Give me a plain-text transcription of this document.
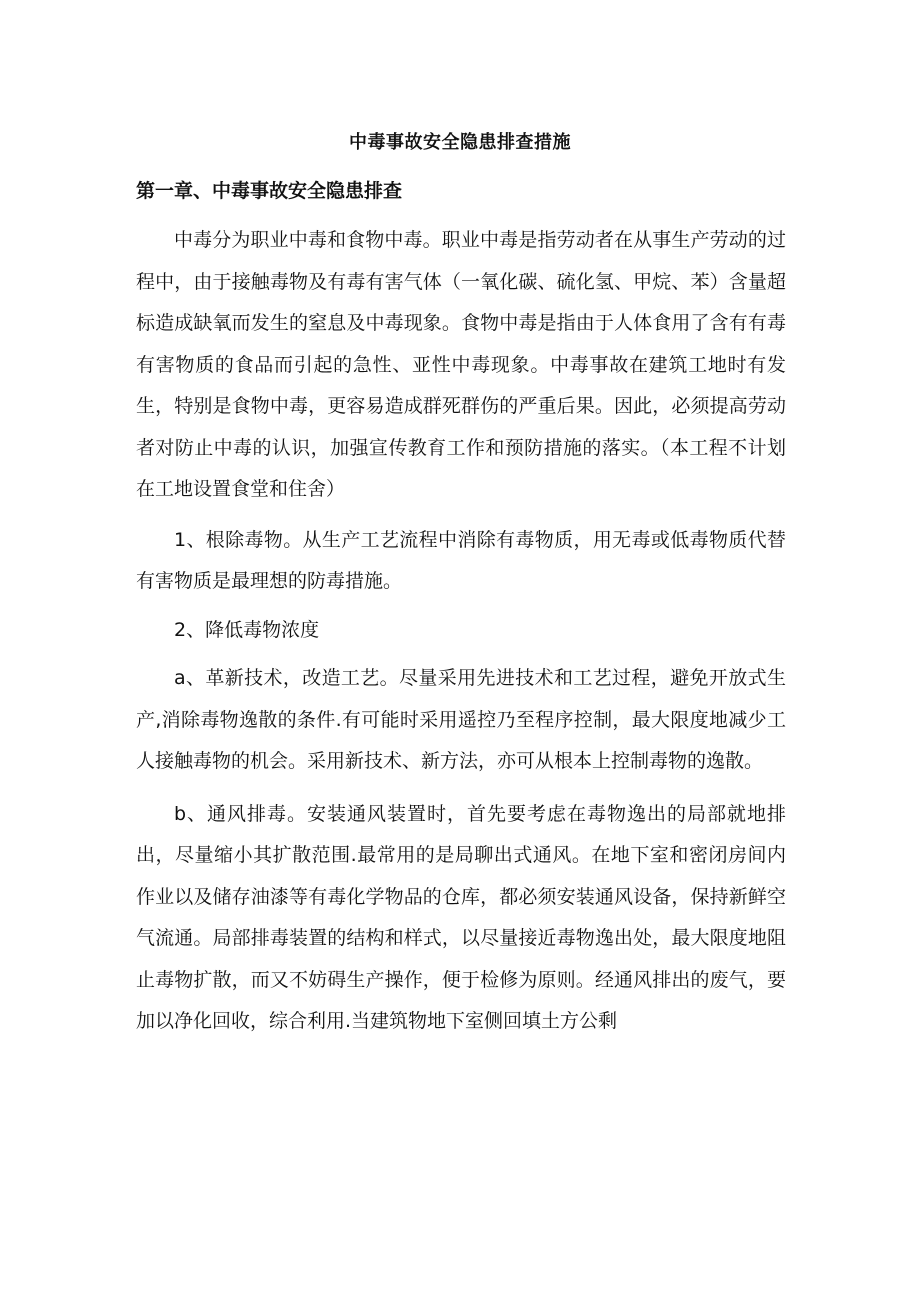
中毒事故安全隐患排查措施
第一章、中毒事故安全隐患排查

中毒分为职业中毒和食物中毒。职业中毒是指劳动者在从事生产劳动的过程中，由于接触毒物及有毒有害气体（一氧化碳、硫化氢、甲烷、苯）含量超标造成缺氧而发生的窒息及中毒现象。食物中毒是指由于人体食用了含有有毒有害物质的食品而引起的急性、亚性中毒现象。中毒事故在建筑工地时有发生，特别是食物中毒，更容易造成群死群伤的严重后果。因此，必须提高劳动者对防止中毒的认识，加强宣传教育工作和预防措施的落实。（本工程不计划在工地设置食堂和住舍）

1、根除毒物。从生产工艺流程中消除有毒物质，用无毒或低毒物质代替有害物质是最理想的防毒措施。

2、降低毒物浓度

a、革新技术，改造工艺。尽量采用先进技术和工艺过程，避免开放式生产,消除毒物逸散的条件.有可能时采用遥控乃至程序控制，最大限度地减少工人接触毒物的机会。采用新技术、新方法，亦可从根本上控制毒物的逸散。

b、通风排毒。安装通风装置时，首先要考虑在毒物逸出的局部就地排出，尽量缩小其扩散范围.最常用的是局聊出式通风。在地下室和密闭房间内作业以及储存油漆等有毒化学物品的仓库，都必须安装通风设备，保持新鲜空气流通。局部排毒装置的结构和样式，以尽量接近毒物逸出处，最大限度地阻止毒物扩散，而又不妨碍生产操作，便于检修为原则。经通风排出的废气，要加以净化回收，综合利用.当建筑物地下室侧回填土方公剩
